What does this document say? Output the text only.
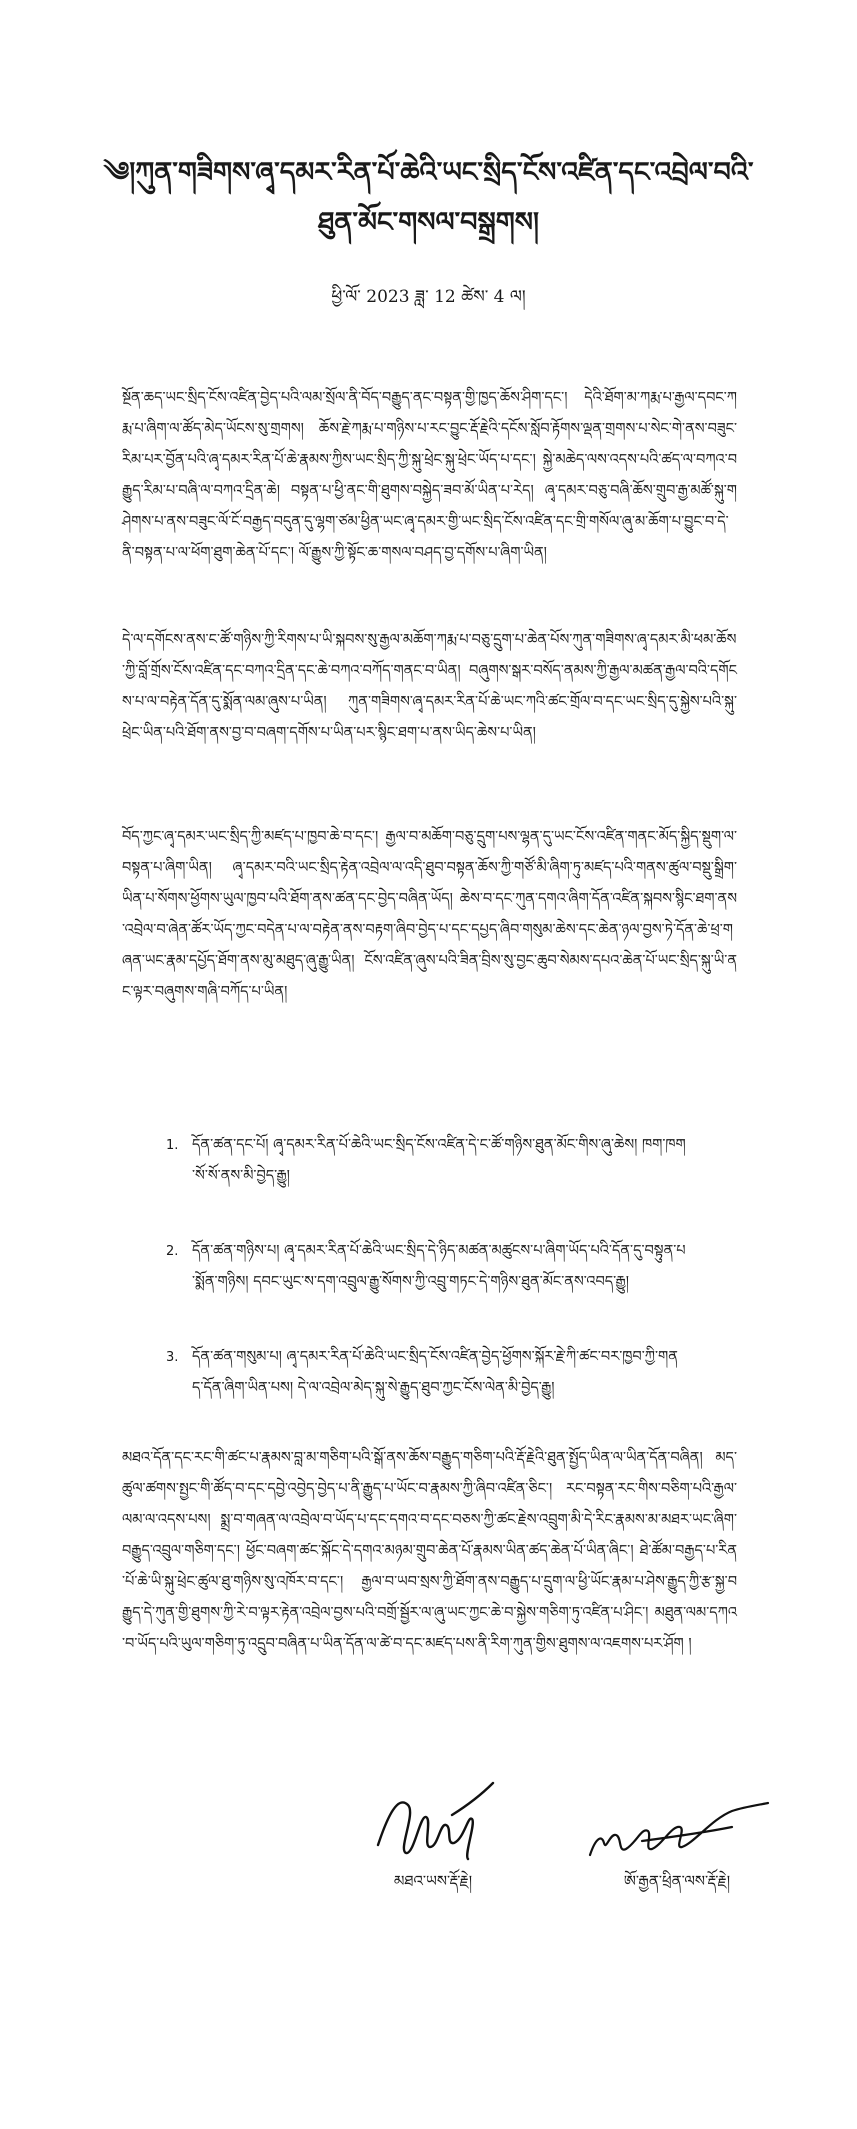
༄།ཀུན་གཟིགས་ཞྭ་དམར་རིན་པོ་ཆེའི་ཡང་སྲིད་ངོས་འཛིན་དང་འབྲེལ་བའི་
ཐུན་མོང་གསལ་བསྒྲགས།
ཕྱི་ལོ་ 2023 ཟླ་ 12 ཚེས་ 4 ལ།
སྔོན་ཆད་ཡང་སྲིད་ངོས་འཛིན་བྱེད་པའི་ལམ་སྲོལ་ནི་བོད་བརྒྱུད་ནང་བསྟན་གྱི་ཁྱད་ཆོས་ཤིག་དང་། དེའི་ཐོག་མ་ཀརྨ་པ་རྒྱལ་དབང་ཀརྨ་པ་ཞིག་ལ་ཚོད་མེད་ཡོངས་སུ་གྲགས། ཆོས་རྗེ་ཀརྨ་པ་གཉིས་པ་རང་བྱུང་རྡོ་རྗེའི་དངོས་སློབ་རྟོགས་ལྡན་གྲགས་པ་སེང་གེ་ནས་བཟུང་རིམ་པར་བྱོན་པའི་ཞྭ་དམར་རིན་པོ་ཆེ་རྣམས་ཀྱིས་ཡང་སྲིད་ཀྱི་སྐུ་ཕྲེང་སྐུ་ཕྲེང་ཡོད་པ་དང་། སྐྱེ་མཆེད་ལས་འདས་པའི་ཚད་ལ་བཀའ་བརྒྱུད་རིམ་པ་བཞི་ལ་བཀའ་དྲིན་ཆེ། བསྟན་པ་ཕྱི་ནང་གི་ཐུགས་བསྐྱེད་ཟབ་མོ་ཡིན་པ་རེད། ཞྭ་དམར་བཅུ་བཞི་ཆོས་གྲུབ་རྒྱ་མཚོ་སྐུ་གཤེགས་པ་ནས་བཟུང་ལོ་ངོ་བརྒྱད་བདུན་དུ་ལྷག་ཙམ་ཕྱིན་ཡང་ཞྭ་དམར་གྱི་ཡང་སྲིད་ངོས་འཛིན་དང་གྲི་གསོལ་ཞུ་མ་ཆོག་པ་བྱུང་བ་དེ་ནི་བསྟན་པ་ལ་ཕོག་ཐུག་ཆེན་པོ་དང་། ལོ་རྒྱུས་ཀྱི་སྟོང་ཆ་གསལ་བཤད་བྱ་དགོས་པ་ཞིག་ཡིན།
དེ་ལ་དགོངས་ནས་ང་ཚོ་གཉིས་ཀྱི་རིགས་པ་ཡི་སྐབས་སུ་རྒྱལ་མཆོག་ཀརྨ་པ་བཅུ་དྲུག་པ་ཆེན་པོས་ཀུན་གཟིགས་ཞྭ་དམར་མི་ཕམ་ཆོས་ཀྱི་བློ་གྲོས་ངོས་འཛིན་དང་བཀའ་དྲིན་དང་ཆེ་བཀའ་བཀོད་གནང་བ་ཡིན། བཞུགས་སྒར་བསོད་ནམས་ཀྱི་རྒྱལ་མཚན་རྒྱལ་བའི་དགོངས་པ་ལ་བརྟེན་དོན་དུ་སྨོན་ལམ་ཞུས་པ་ཡིན། ཀུན་གཟིགས་ཞྭ་དམར་རིན་པོ་ཆེ་ཡང་ཀའི་ཚང་གྲོལ་བ་དང་ཡང་སྲིད་དུ་སྐྱེས་པའི་སྐུ་ཕྲེང་ཡིན་པའི་ཐོག་ནས་བྱ་བ་བཞག་དགོས་པ་ཡིན་པར་སྙིང་ཐག་པ་ནས་ཡིད་ཆེས་པ་ཡིན།
བོད་ཀྱང་ཞྭ་དམར་ཡང་སྲིད་ཀྱི་མཛད་པ་ཁྱབ་ཆེ་བ་དང་། རྒྱལ་བ་མཆོག་བཅུ་དྲུག་པས་ལྷན་དུ་ཡང་ངོས་འཛིན་གནང་མོད་སྐྱིད་སྡུག་ལ་བསྟན་པ་ཞིག་ཡིན། ཞྭ་དམར་བའི་ཡང་སྲིད་རྟེན་འབྲེལ་ལ་འདི་ཐུབ་བསྟན་ཆོས་ཀྱི་གཙོ་མི་ཞིག་ཏུ་མཛད་པའི་གནས་ཚུལ་བསྡུ་སྒྲིག་ཡིན་པ་སོགས་ཕྱོགས་ཡུལ་ཁྱབ་པའི་ཐོག་ནས་ཚན་དང་བྱེད་བཞིན་ཡོད། ཆེས་བ་དང་ཀུན་དགའ་ཞིག་དོན་འཛིན་སྐབས་སྙིང་ཐག་ནས་འབྲེལ་བ་ཞེན་ཚོར་ཡོད་ཀྱང་བདེན་པ་ལ་བརྟེན་ནས་བརྟག་ཞིབ་བྱེད་པ་དང་དཔྱད་ཞིབ་གསུམ་ཆེས་དང་ཆེན་ཉལ་བྱས་ཏེ་དོན་ཆེ་ཕྲ་གཞན་ཡང་རྣམ་དཔྱོད་ཐོག་ནས་མུ་མཐུད་ཞུ་རྒྱུ་ཡིན། ངོས་འཛིན་ཞུས་པའི་ཟིན་བྲིས་སུ་བྱང་ཆུབ་སེམས་དཔའ་ཆེན་པོ་ཡང་སྲིད་སྐུ་ཡི་ནང་ལྟར་བཞུགས་གཞི་བཀོད་པ་ཡིན།
1. དོན་ཚན་དང་པོ། ཞྭ་དམར་རིན་པོ་ཆེའི་ཡང་སྲིད་ངོས་འཛིན་དེ་ང་ཚོ་གཉིས་ཐུན་མོང་གིས་ཞུ་ཆེས། ཁག་ཁག་སོ་སོ་ནས་མི་བྱེད་རྒྱུ།
2. དོན་ཚན་གཉིས་པ། ཞྭ་དམར་རིན་པོ་ཆེའི་ཡང་སྲིད་དེ་ཉིད་མཚན་མཚུངས་པ་ཞིག་ཡོད་པའི་དོན་དུ་བསྟུན་པ་སྨོན་གཉིས། དབང་ཡུང་ས་དག་འབྲུལ་རྒྱུ་སོགས་ཀྱི་འབྲུ་གཏང་དེ་གཉིས་ཐུན་མོང་ནས་འབད་རྒྱུ།
3. དོན་ཚན་གསུམ་པ། ཞྭ་དམར་རིན་པོ་ཆེའི་ཡང་སྲིད་ངོས་འཛིན་བྱེད་ཕྱོགས་སྐོར་རྗེ་ཀི་ཚང་བར་ཁྱབ་ཀྱི་གནད་དོན་ཞིག་ཡིན་པས། དེ་ལ་འབྲེལ་མེད་སྐུ་སེ་རྒྱུད་ཐུབ་ཀྱང་ངོས་ལེན་མི་བྱེད་རྒྱུ།
མཐའ་དོན་དང་རང་གི་ཚང་པ་རྣམས་བླ་མ་གཅིག་པའི་སྒོ་ནས་ཆོས་བརྒྱུད་གཅིག་པའི་རྡོ་རྗེའི་ཐུན་སྤྱོད་ཡིན་ལ་ཡིན་དོན་བཞིན། མད་ཚུལ་ཚགས་སྤྱང་གི་ཚོད་བ་དང་དབྱེ་འབྱེད་བྱེད་པ་ནི་རྒྱུད་པ་ཡོང་བ་རྣམས་ཀྱི་ཞིབ་འཛིན་ཅིང་། རང་བསྟན་རང་གིས་བཅིག་པའི་རྒྱལ་ལམ་ལ་འདས་པས། སྨྲ་བ་གཞན་ལ་འབྲེལ་བ་ཡོད་པ་དང་དགའ་བ་དང་བཅས་ཀྱི་ཚང་རྗེས་འབྲུག་མི་དེ་རིང་རྣམས་མ་མཐར་ཡང་ཞིག་བརྒྱུད་འབྲུལ་གཅིག་དང་། ཕྱོང་བཞག་ཚང་སྐོང་དེ་དགའ་མཉམ་གྲུབ་ཆེན་པོ་རྣམས་ཡིན་ཚད་ཆེན་པོ་ཡིན་ཞིང་། ཐེ་ཚོམ་བརྒྱད་པ་རིན་པོ་ཆེ་ཡི་སྐུ་ཕྲེང་ཚུལ་ཐུ་གཉིས་སུ་འཁོར་བ་དང་། རྒྱལ་བ་ཡབ་སྲས་ཀྱི་ཐོག་ནས་བརྒྱུད་པ་དྲུག་ལ་ཕྱི་ཡོང་རྣམ་པ་ཤེས་རྒྱུད་ཀྱི་རྩ་སྐྱ་བརྒྱུད་དེ་ཀུན་གྱི་ཐུགས་ཀྱི་རེ་བ་ལྟར་རྟེན་འབྲེལ་བྱས་པའི་བགྲོ་སྦྱོར་ལ་ཞུ་ཡང་ཀྱང་ཆེ་བ་སྐྱེས་གཅིག་ཏུ་འཛིན་པ་ཤིང་། མཐུན་ལམ་དཀའ་བ་ཡོད་པའི་ཡུལ་གཅིག་ཏུ་འདྲུབ་བཞིན་པ་ཡིན་དོན་ལ་ཚེ་བ་དང་མཛད་པས་ནི་རིག་ཀུན་གྱིས་ཐུགས་ལ་འཇགས་པར་ཤོག །
མཐའ་ཡས་རྡོ་རྗེ།	ཨོ་རྒྱན་ཕྲིན་ལས་རྡོ་རྗེ།
